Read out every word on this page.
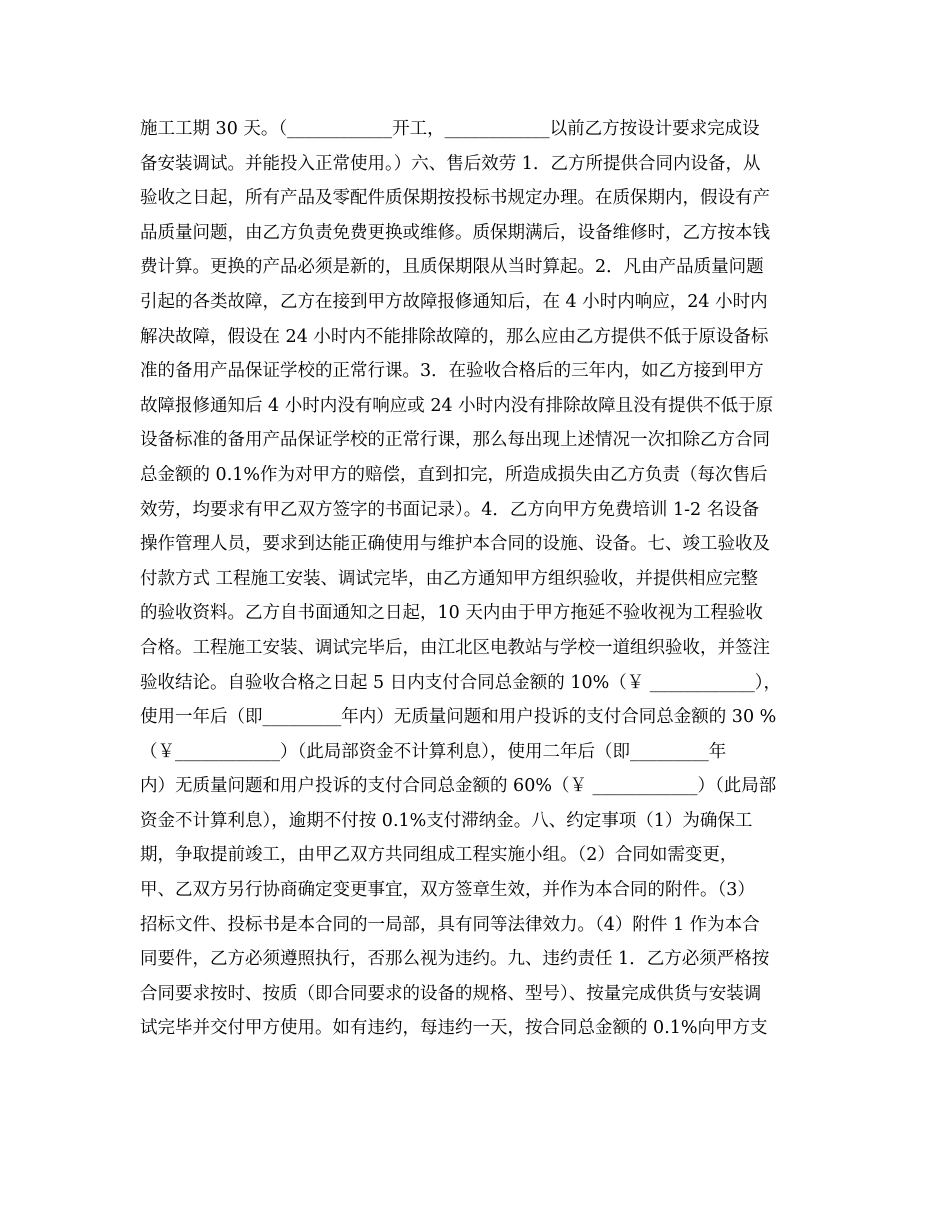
施工工期 30 天。（____________开工，____________以前乙方按设计要求完成设
备安装调试。并能投入正常使用。）六、售后效劳 1．乙方所提供合同内设备，从
验收之日起，所有产品及零配件质保期按投标书规定办理。在质保期内，假设有产
品质量问题，由乙方负责免费更换或维修。质保期满后，设备维修时，乙方按本钱
费计算。更换的产品必须是新的，且质保期限从当时算起。2．凡由产品质量问题
引起的各类故障，乙方在接到甲方故障报修通知后，在 4 小时内响应，24 小时内
解决故障，假设在 24 小时内不能排除故障的，那么应由乙方提供不低于原设备标
准的备用产品保证学校的正常行课。3．在验收合格后的三年内，如乙方接到甲方
故障报修通知后 4 小时内没有响应或 24 小时内没有排除故障且没有提供不低于原
设备标准的备用产品保证学校的正常行课，那么每出现上述情况一次扣除乙方合同
总金额的 0.1%作为对甲方的赔偿，直到扣完，所造成损失由乙方负责（每次售后
效劳，均要求有甲乙双方签字的书面记录）。4．乙方向甲方免费培训 1-2 名设备
操作管理人员，要求到达能正确使用与维护本合同的设施、设备。七、竣工验收及
付款方式 工程施工安装、调试完毕，由乙方通知甲方组织验收，并提供相应完整
的验收资料。乙方自书面通知之日起，10 天内由于甲方拖延不验收视为工程验收
合格。工程施工安装、调试完毕后，由江北区电教站与学校一道组织验收，并签注
验收结论。自验收合格之日起 5 日内支付合同总金额的 10%（￥ ____________），
使用一年后（即_________年内）无质量问题和用户投诉的支付合同总金额的 30 %
（￥____________）（此局部资金不计算利息），使用二年后（即_________年
内）无质量问题和用户投诉的支付合同总金额的 60%（￥ ____________）（此局部
资金不计算利息），逾期不付按 0.1%支付滞纳金。八、约定事项（1）为确保工
期，争取提前竣工，由甲乙双方共同组成工程实施小组。（2）合同如需变更，
甲、乙双方另行协商确定变更事宜，双方签章生效，并作为本合同的附件。（3）
招标文件、投标书是本合同的一局部，具有同等法律效力。（4）附件 1 作为本合
同要件，乙方必须遵照执行，否那么视为违约。九、违约责任 1．乙方必须严格按
合同要求按时、按质（即合同要求的设备的规格、型号）、按量完成供货与安装调
试完毕并交付甲方使用。如有违约，每违约一天，按合同总金额的 0.1%向甲方支
